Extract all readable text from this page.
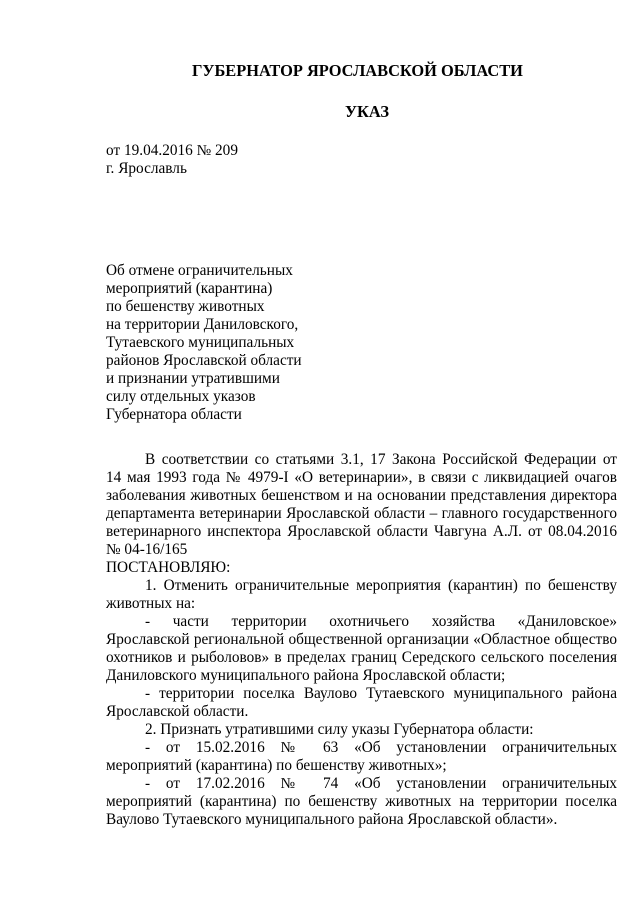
ГУБЕРНАТОР ЯРОСЛАВСКОЙ ОБЛАСТИ

УКАЗ

от 19.04.2016 № 209

г. Ярославль

Об отмене ограничительных

мероприятий (карантина)

по бешенству животных

на территории Даниловского,

Тутаевского муниципальных

районов Ярославской области

и признании утратившими

силу отдельных указов

Губернатора области

В соответствии со статьями 3.1, 17 Закона Российской Федерации от

14 мая 1993 года № 4979-I «О ветеринарии», в связи с ликвидацией очагов

заболевания животных бешенством и на основании представления директора

департамента ветеринарии Ярославской области – главного государственного

ветеринарного инспектора Ярославской области Чавгуна А.Л. от 08.04.2016

№ 04-16/165

ПОСТАНОВЛЯЮ:

1. Отменить ограничительные мероприятия (карантин) по бешенству

животных на:

- части территории охотничьего хозяйства «Даниловское»

Ярославской региональной общественной организации «Областное общество

охотников и рыболовов» в пределах границ Середского сельского поселения

Даниловского муниципального района Ярославской области;

- территории поселка Ваулово Тутаевского муниципального района

Ярославской области.

2. Признать утратившими силу указы Губернатора области:

- от 15.02.2016 № 63 «Об установлении ограничительных

мероприятий (карантина) по бешенству животных»;

- от 17.02.2016 № 74 «Об установлении ограничительных

мероприятий (карантина) по бешенству животных на территории поселка

Ваулово Тутаевского муниципального района Ярославской области».
